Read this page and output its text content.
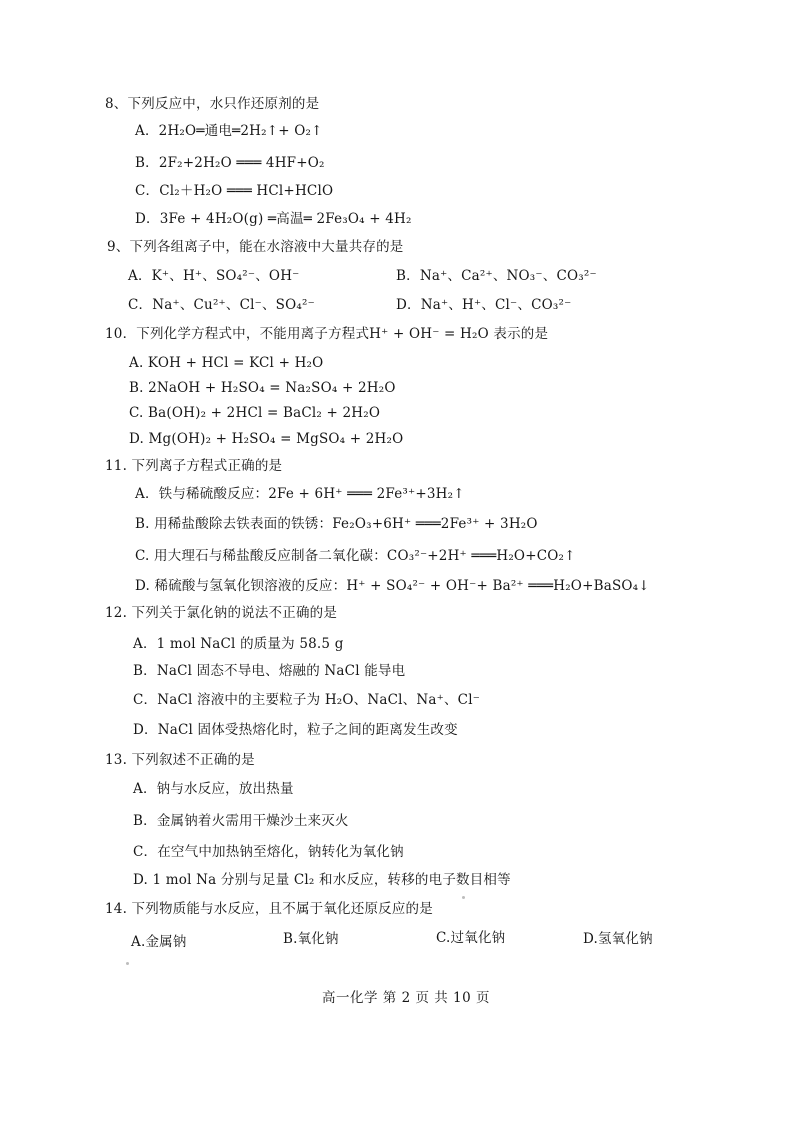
8、下列反应中，水只作还原剂的是
A．2H₂O═通电═2H₂↑+ O₂↑
B．2F₂+2H₂O ═══ 4HF+O₂
C．Cl₂＋H₂O ═══ HCl+HClO
D．3Fe + 4H₂O(g) ═高温═ 2Fe₃O₄ + 4H₂
9、下列各组离子中，能在水溶液中大量共存的是
A．K⁺、H⁺、SO₄²⁻、OH⁻	B．Na⁺、Ca²⁺、NO₃⁻、CO₃²⁻
C．Na⁺、Cu²⁺、Cl⁻、SO₄²⁻	D．Na⁺、H⁺、Cl⁻、CO₃²⁻
10．下列化学方程式中，不能用离子方程式H⁺ + OH⁻ = H₂O 表示的是
A. KOH + HCl = KCl + H₂O
B. 2NaOH + H₂SO₄ = Na₂SO₄ + 2H₂O
C. Ba(OH)₂ + 2HCl = BaCl₂ + 2H₂O
D. Mg(OH)₂ + H₂SO₄ = MgSO₄ + 2H₂O
11. 下列离子方程式正确的是
A．铁与稀硫酸反应：2Fe + 6H⁺ ═══ 2Fe³⁺+3H₂↑
B. 用稀盐酸除去铁表面的铁锈：Fe₂O₃+6H⁺ ═══2Fe³⁺ + 3H₂O
C. 用大理石与稀盐酸反应制备二氧化碳：CO₃²⁻+2H⁺ ═══H₂O+CO₂↑
D. 稀硫酸与氢氧化钡溶液的反应：H⁺ + SO₄²⁻ + OH⁻+ Ba²⁺ ═══H₂O+BaSO₄↓
12. 下列关于氯化钠的说法不正确的是
A．1 mol NaCl 的质量为 58.5 g
B．NaCl 固态不导电、熔融的 NaCl 能导电
C．NaCl 溶液中的主要粒子为 H₂O、NaCl、Na⁺、Cl⁻
D．NaCl 固体受热熔化时，粒子之间的距离发生改变
13. 下列叙述不正确的是
A．钠与水反应，放出热量
B．金属钠着火需用干燥沙土来灭火
C．在空气中加热钠至熔化，钠转化为氧化钠
D. 1 mol Na 分别与足量 Cl₂ 和水反应，转移的电子数目相等
14. 下列物质能与水反应，且不属于氧化还原反应的是
A.金属钠	B.氧化钠	C.过氧化钠	D.氢氧化钠
高一化学 第 2 页 共 10 页
